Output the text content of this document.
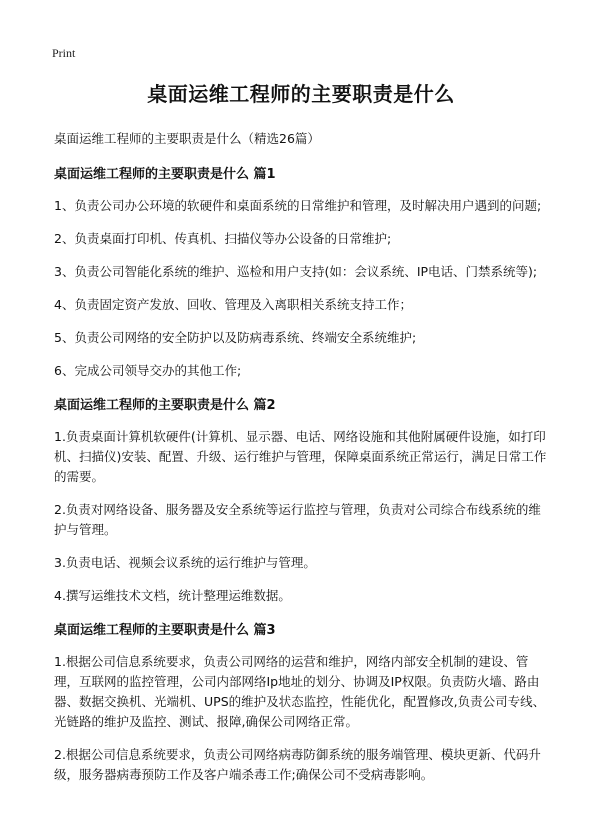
Print
桌面运维工程师的主要职责是什么
桌面运维工程师的主要职责是什么（精选26篇）
桌面运维工程师的主要职责是什么 篇1
1、负责公司办公环境的软硬件和桌面系统的日常维护和管理，及时解决用户遇到的问题;
2、负责桌面打印机、传真机、扫描仪等办公设备的日常维护;
3、负责公司智能化系统的维护、巡检和用户支持(如：会议系统、IP电话、门禁系统等);
4、负责固定资产发放、回收、管理及入离职相关系统支持工作；
5、负责公司网络的安全防护以及防病毒系统、终端安全系统维护;
6、完成公司领导交办的其他工作;
桌面运维工程师的主要职责是什么 篇2
1.负责桌面计算机软硬件(计算机、显示器、电话、网络设施和其他附属硬件设施，如打印机、扫描仪)安装、配置、升级、运行维护与管理，保障桌面系统正常运行，满足日常工作的需要。
2.负责对网络设备、服务器及安全系统等运行监控与管理，负责对公司综合布线系统的维护与管理。
3.负责电话、视频会议系统的运行维护与管理。
4.撰写运维技术文档，统计整理运维数据。
桌面运维工程师的主要职责是什么 篇3
1.根据公司信息系统要求，负责公司网络的运营和维护，网络内部安全机制的建设、管理，互联网的监控管理，公司内部网络Ip地址的划分、协调及IP权限。负责防火墙、路由器、数据交换机、光端机、UPS的维护及状态监控，性能优化，配置修改,负责公司专线、光链路的维护及监控、测试、报障,确保公司网络正常。
2.根据公司信息系统要求，负责公司网络病毒防御系统的服务端管理、模块更新、代码升级，服务器病毒预防工作及客户端杀毒工作;确保公司不受病毒影响。
